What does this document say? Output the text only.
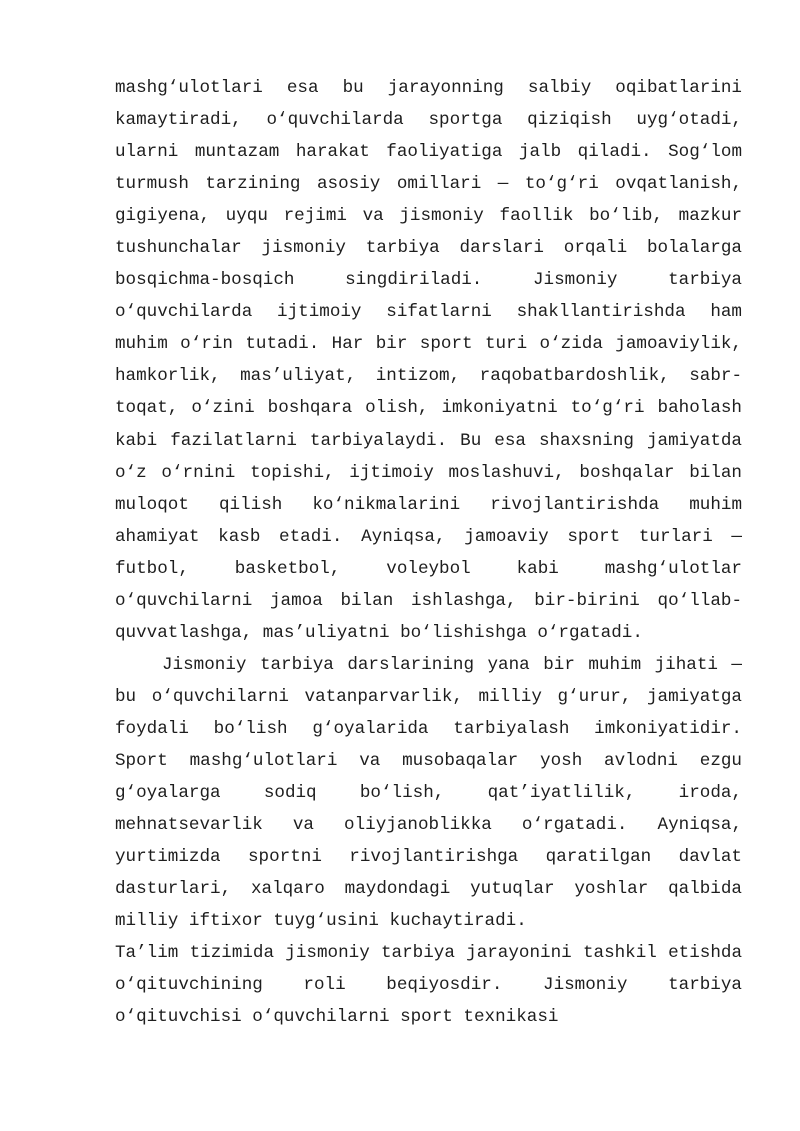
mashg‘ulotlari esa bu jarayonning salbiy oqibatlarini kamaytiradi, o‘quvchilarda sportga qiziqish uyg‘otadi, ularni muntazam harakat faoliyatiga jalb qiladi. Sog‘lom turmush tarzining asosiy omillari — to‘g‘ri ovqatlanish, gigiyena, uyqu rejimi va jismoniy faollik bo‘lib, mazkur tushunchalar jismoniy tarbiya darslari orqali bolalarga bosqichma-bosqich singdiriladi. Jismoniy tarbiya o‘quvchilarda ijtimoiy sifatlarni shakllantirishda ham muhim o‘rin tutadi. Har bir sport turi o‘zida jamoaviylik, hamkorlik, mas’uliyat, intizom, raqobatbardoshlik, sabr-toqat, o‘zini boshqara olish, imkoniyatni to‘g‘ri baholash kabi fazilatlarni tarbiyalaydi. Bu esa shaxsning jamiyatda o‘z o‘rnini topishi, ijtimoiy moslashuvi, boshqalar bilan muloqot qilish ko‘nikmalarini rivojlantirishda muhim ahamiyat kasb etadi. Ayniqsa, jamoaviy sport turlari — futbol, basketbol, voleybol kabi mashg‘ulotlar o‘quvchilarni jamoa bilan ishlashga, bir-birini qo‘llab-quvvatlashga, mas’uliyatni bo‘lishishga o‘rgatadi.

Jismoniy tarbiya darslarining yana bir muhim jihati — bu o‘quvchilarni vatanparvarlik, milliy g‘urur, jamiyatga foydali bo‘lish g‘oyalarida tarbiyalash imkoniyatidir. Sport mashg‘ulotlari va musobaqalar yosh avlodni ezgu g‘oyalarga sodiq bo‘lish, qat’iyatlilik, iroda, mehnatsevarlik va oliyjanoblikka o‘rgatadi. Ayniqsa, yurtimizda sportni rivojlantirishga qaratilgan davlat dasturlari, xalqaro maydondagi yutuqlar yoshlar qalbida milliy iftixor tuyg‘usini kuchaytiradi.

Ta’lim tizimida jismoniy tarbiya jarayonini tashkil etishda o‘qituvchining roli beqiyosdir. Jismoniy tarbiya o‘qituvchisi o‘quvchilarni sport texnikasi
